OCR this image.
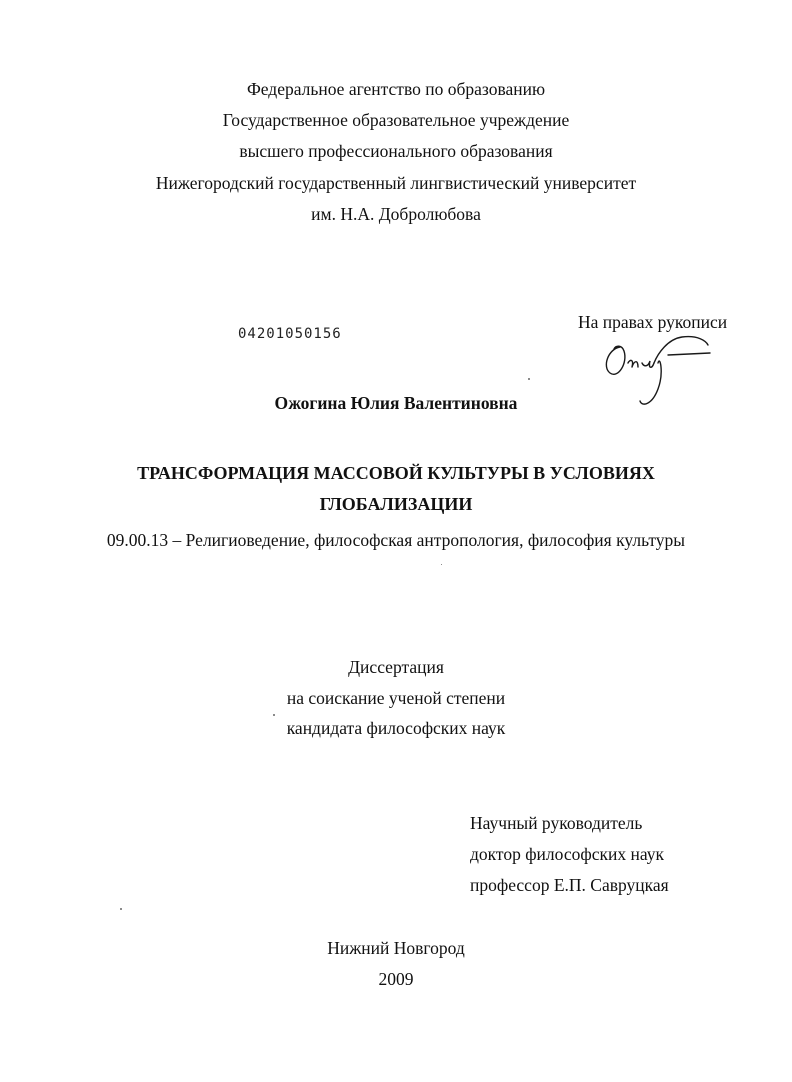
Федеральное агентство по образованию
Государственное образовательное учреждение
высшего профессионального образования
Нижегородский государственный лингвистический университет
им. Н.А. Добролюбова
04201050156
На правах рукописи
Ожогина Юлия Валентиновна
ТРАНСФОРМАЦИЯ МАССОВОЙ КУЛЬТУРЫ В УСЛОВИЯХ
ГЛОБАЛИЗАЦИИ
09.00.13 – Религиоведение, философская антропология, философия культуры
Диссертация
на соискание ученой степени
кандидата философских наук
Научный руководитель
доктор философских наук
профессор Е.П. Савруцкая
Нижний Новгород
2009
